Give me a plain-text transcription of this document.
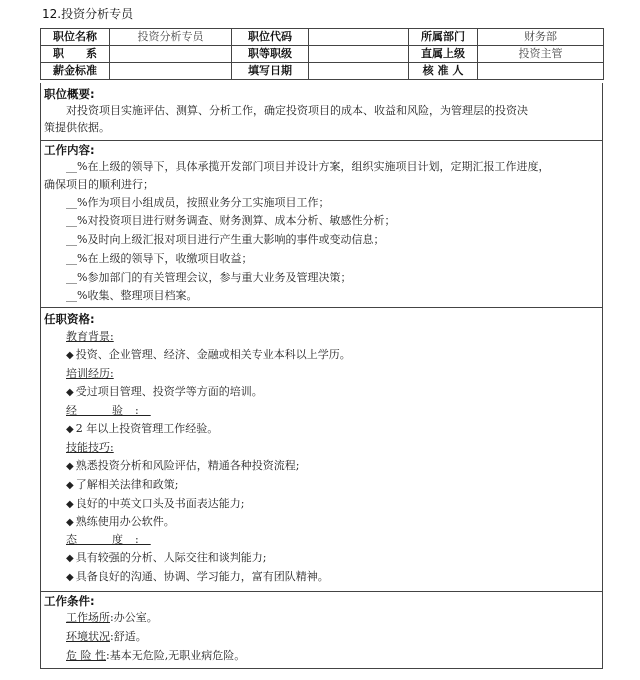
12.投资分析专员
职位名称	投资分析专员	职位代码		所属部门	财务部
职　　系		职等职级		直属上级	投资主管
薪金标准		填写日期		核 准 人	
职位概要:
对投资项目实施评估、测算、分析工作，确定投资项目的成本、收益和风险，为管理层的投资决
策提供依据。
工作内容:
__%在上级的领导下，具体承揽开发部门项目并设计方案，组织实施项目计划，定期汇报工作进度，
确保项目的顺利进行；
__%作为项目小组成员，按照业务分工实施项目工作；
__%对投资项目进行财务调查、财务测算、成本分析、敏感性分析；
__%及时向上级汇报对项目进行产生重大影响的事件或变动信息；
__%在上级的领导下，收缴项目收益；
__%参加部门的有关管理会议，参与重大业务及管理决策；
__%收集、整理项目档案。
任职资格:
教育背景:
◆ 投资、企业管理、经济、金融或相关专业本科以上学历。
培训经历:
◆ 受过项目管理、投资学等方面的培训。
经　验:
◆ 2 年以上投资管理工作经验。
技能技巧:
◆ 熟悉投资分析和风险评估，精通各种投资流程;
◆ 了解相关法律和政策;
◆ 良好的中英文口头及书面表达能力;
◆ 熟练使用办公软件。
态　度:
◆ 具有较强的分析、人际交往和谈判能力;
◆ 具备良好的沟通、协调、学习能力，富有团队精神。
工作条件:
工作场所:办公室。
环境状况:舒适。
危 险 性:基本无危险,无职业病危险。
